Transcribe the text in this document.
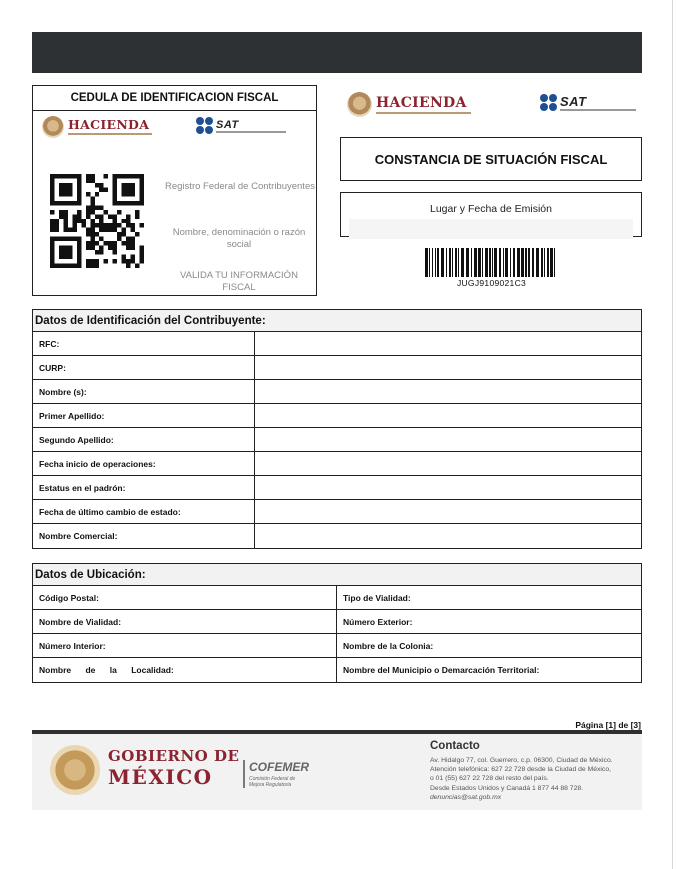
CEDULA DE IDENTIFICACION FISCAL
HACIENDA	SAT
Registro Federal de Contribuyentes
Nombre, denominación o razón social
VALIDA TU INFORMACIÓN FISCAL
HACIENDA	SAT
CONSTANCIA DE SITUACIÓN FISCAL
Lugar y Fecha de Emisión
JUGJ9109021C3
Datos de Identificación del Contribuyente:
RFC:
CURP:
Nombre (s):
Primer Apellido:
Segundo Apellido:
Fecha inicio de operaciones:
Estatus en el padrón:
Fecha de último cambio de estado:
Nombre Comercial:
Datos de Ubicación:
Código Postal:	Tipo de Vialidad:
Nombre de Vialidad:	Número Exterior:
Número Interior:	Nombre de la Colonia:
Nombre de la Localidad:	Nombre del Municipio o Demarcación Territorial:
Página [1] de [3]
GOBIERNO DE
MÉXICO	COFEMER
Comisión Federal de Mejora Regulatoria
Contacto
Av. Hidalgo 77, col. Guerrero, c.p. 06300, Ciudad de México.
Atención telefónica: 627 22 728 desde la Ciudad de México,
o 01 (55) 627 22 728 del resto del país.
Desde Estados Unidos y Canadá 1 877 44 88 728.
denuncias@sat.gob.mx
